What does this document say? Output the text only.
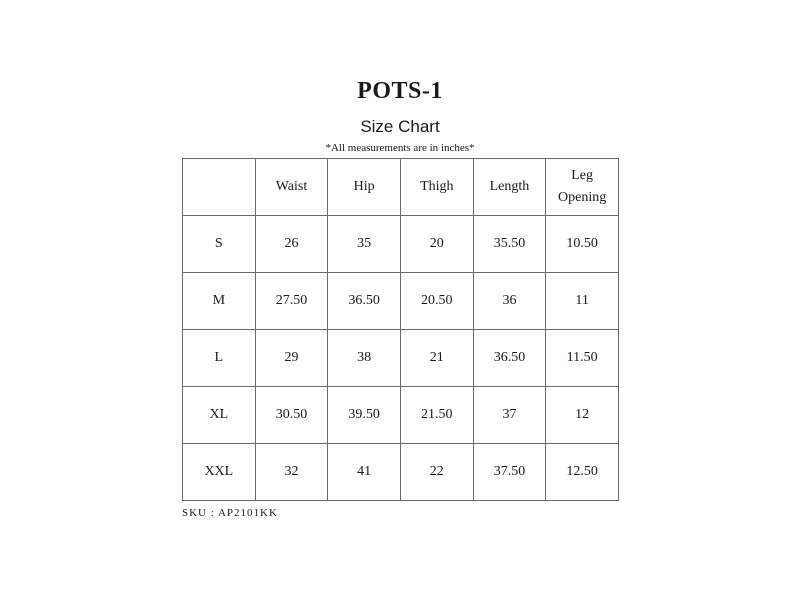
POTS-1
Size Chart
*All measurements are in inches*
	Waist	Hip	Thigh	Length	Leg
Opening

S	26	35	20	35.50	10.50
M	27.50	36.50	20.50	36	11
L	29	38	21	36.50	11.50
XL	30.50	39.50	21.50	37	12
XXL	32	41	22	37.50	12.50
SKU : AP2101KK
